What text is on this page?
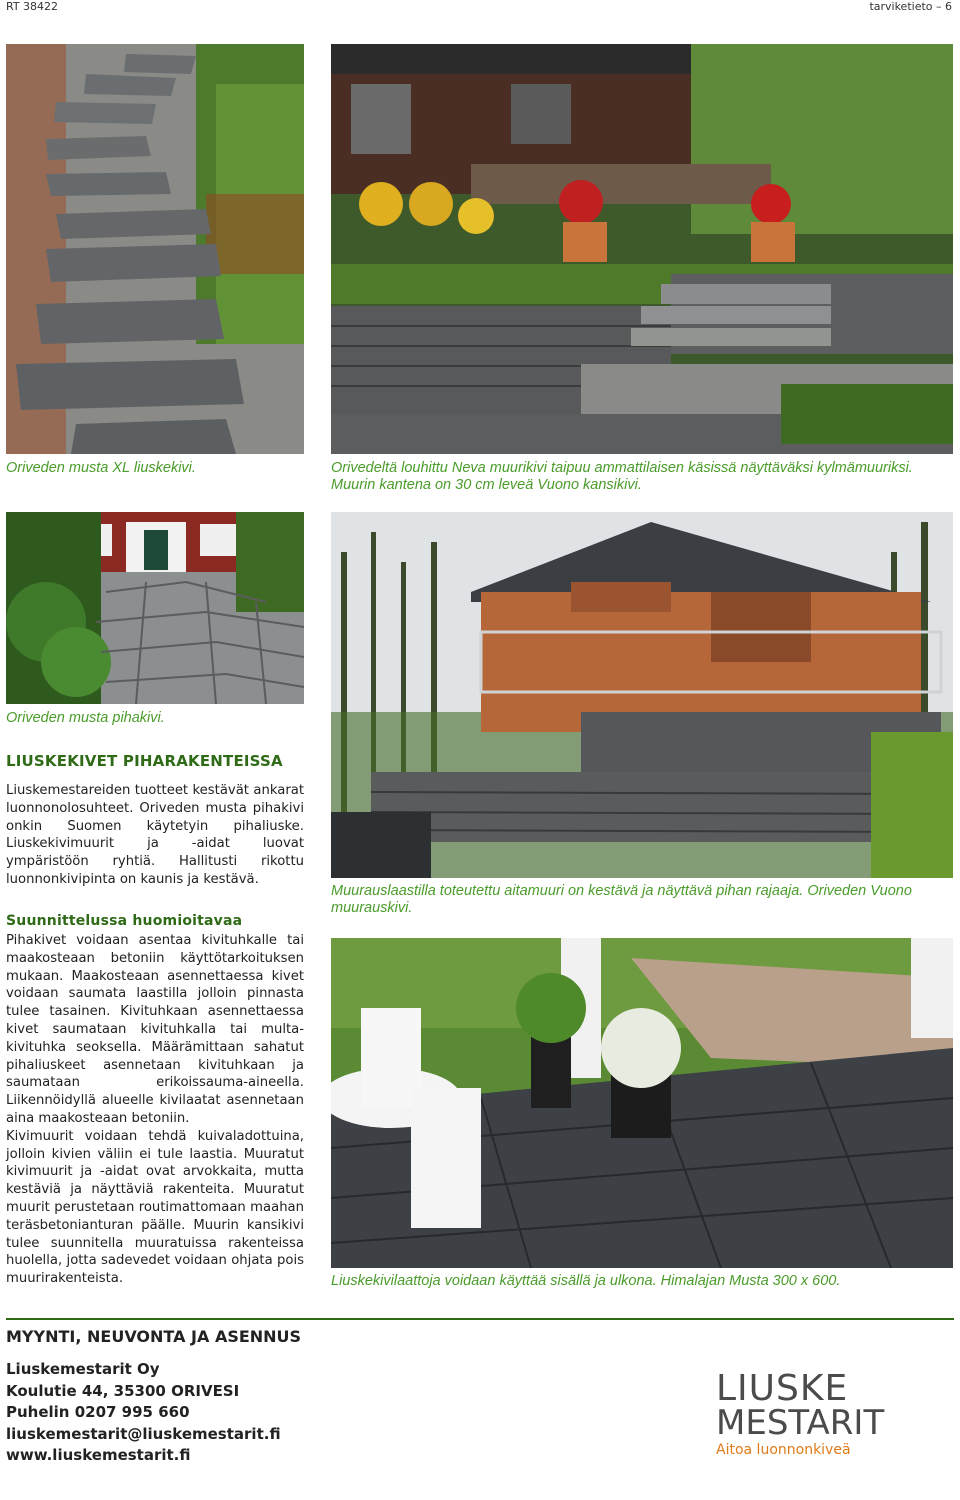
RT 38422	tarviketieto – 6
Oriveden musta XL liuskekivi.	Orivedeltä louhittu Neva muurikivi taipuu ammattilaisen käsissä näyttäväksi kylmämuuriksi. Muurin kantena on 30 cm leveä Vuono kansikivi.
Oriveden musta pihakivi.
LIUSKEKIVET PIHARAKENTEISSA

Liuskemestareiden tuotteet kestävät ankarat luonnonolosuhteet. Oriveden musta pihakivi onkin Suomen käytetyin pihaliuske. Liuskekivimuurit ja -aidat luovat ympäristöön ryhtiä. Hallitusti rikottu luonnonkivipinta on kaunis ja kestävä.

Suunnittelussa huomioitavaa

Pihakivet voidaan asentaa kivituhkalle tai maakosteaan betoniin käyttötarkoituksen mukaan. Maakosteaan asennettaessa kivet voidaan saumata laastilla jolloin pinnasta tulee tasainen. Kivituhkaan asennettaessa kivet saumataan kivituhkalla tai multa-kivituhka seoksella. Määrämittaan sahatut pihaliuskeet asennetaan kivituhkaan ja saumataan erikoissauma-aineella. Liikennöidyllä alueelle kivilaatat asennetaan aina maakosteaan betoniin.

Kivimuurit voidaan tehdä kuivaladottuina, jolloin kivien väliin ei tule laastia. Muuratut kivimuurit ja -aidat ovat arvokkaita, mutta kestäviä ja näyttäviä rakenteita. Muuratut muurit perustetaan routimattomaan maahan teräsbetonianturan päälle. Muurin kansikivi tulee suunnitella muuratuissa rakenteissa huolella, jotta sadevedet voidaan ohjata pois muurirakenteista.

Muurauslaastilla toteutettu aitamuuri on kestävä ja näyttävä pihan rajaaja. Oriveden Vuono muurauskivi.
Liuskekivilaattoja voidaan käyttää sisällä ja ulkona. Himalajan Musta 300 x 600.
MYYNTI, NEUVONTA JA ASENNUS
Liuskemestarit Oy
Koulutie 44, 35300 ORIVESI
Puhelin 0207 995 660
liuskemestarit@liuskemestarit.fi
www.liuskemestarit.fi
LIUSKE
MESTARIT
Aitoa luonnonkiveä
